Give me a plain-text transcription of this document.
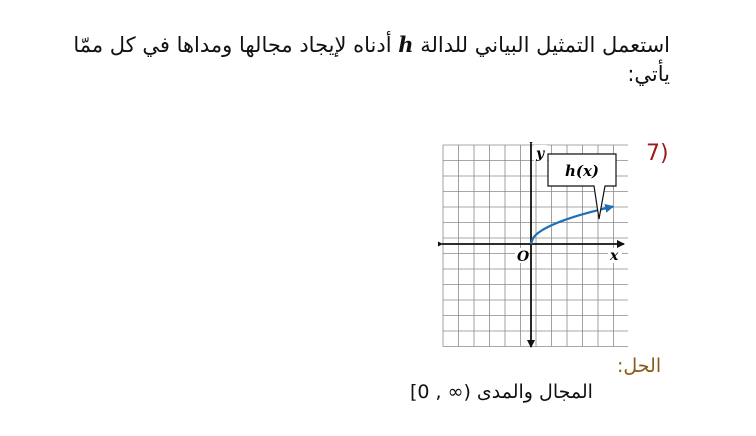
استعمل التمثيل البياني للدالة h أدناه لإيجاد مجالها ومداها في كل ممّا يأتي:
7)
y
x
O
h(x)
الحل:
[0 , ∞) المجال والمدى
